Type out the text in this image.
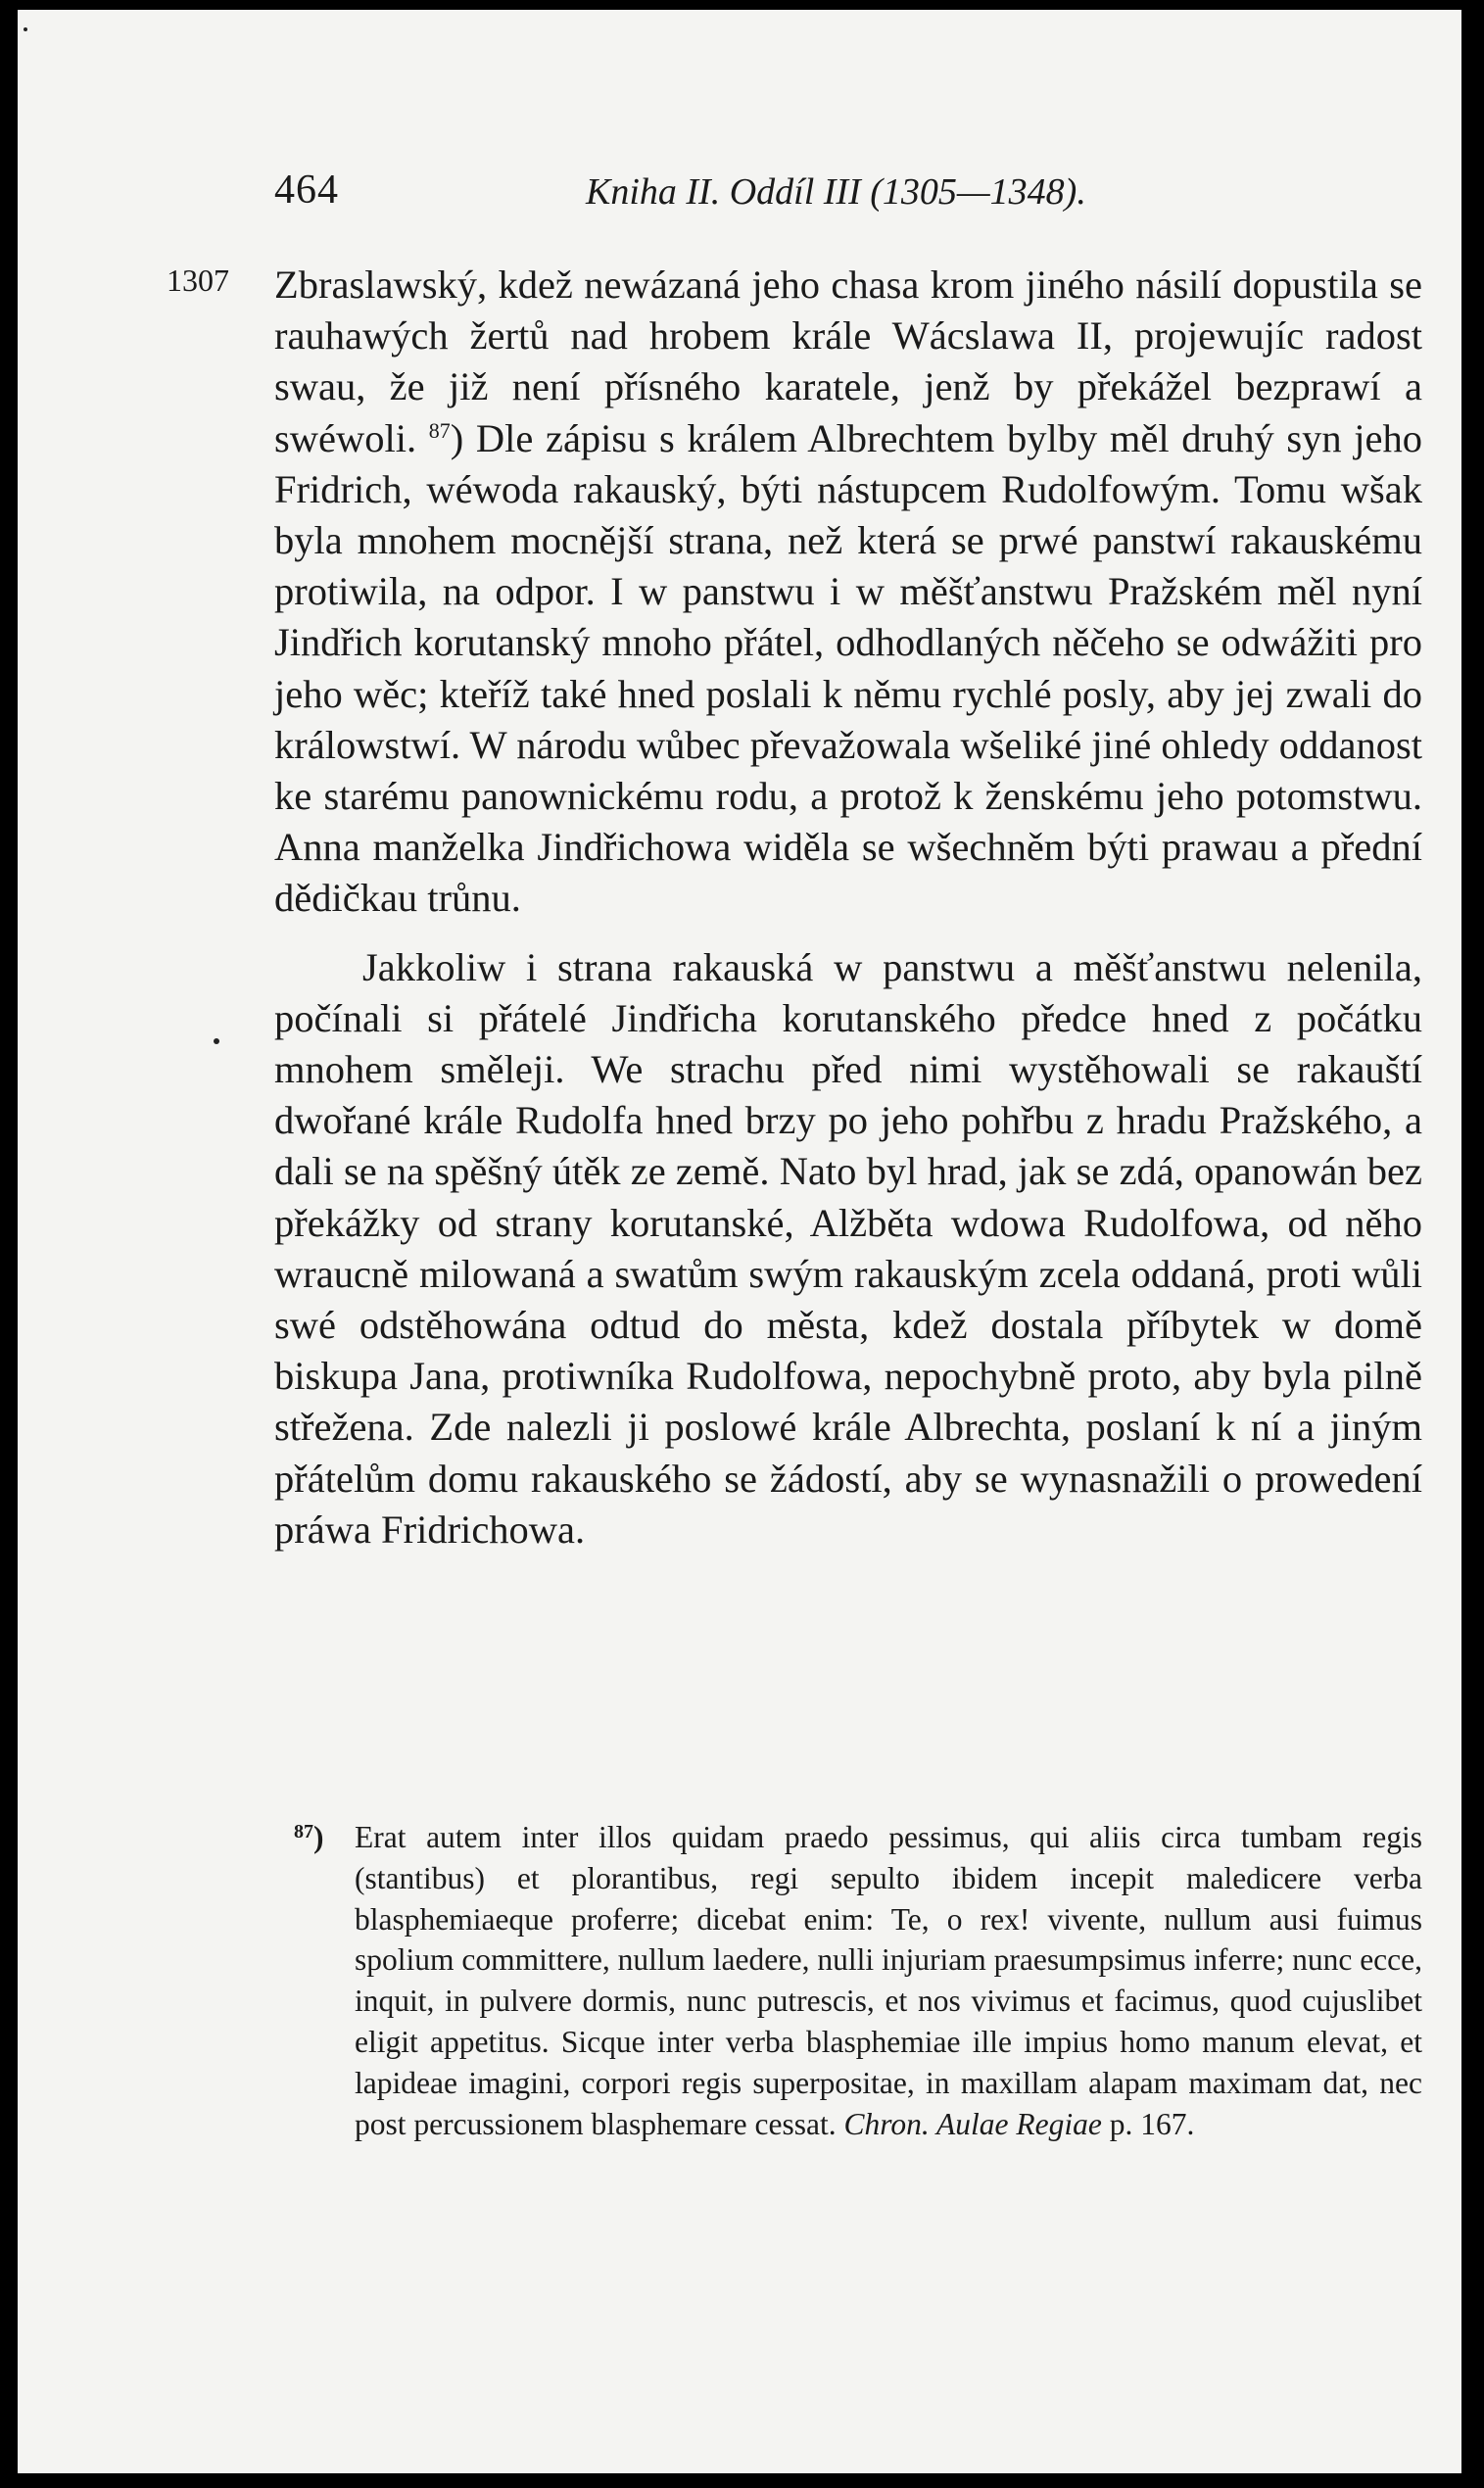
464	Kniha II. Oddíl III (1305—1348).
1307 Zbraslawský, kdež newázaná jeho chasa krom jiného násilí dopustila se rauhawých žertů nad hrobem krále Wácslawa II, projewujíc radost swau, že již není přísného karatele, jenž by překážel bezprawí a swéwoli. $^{87}$) Dle zápisu s králem Albrechtem bylby měl druhý syn jeho Fridrich, wéwoda rakauský, býti nástupcem Rudolfowým. Tomu wšak byla mnohem mocnější strana, než která se prwé panstwí rakauskému protiwila, na odpor. I w panstwu i w měšťanstwu Pražském měl nyní Jindřich korutanský mnoho přátel, odhodlaných něčeho se odwážiti pro jeho wěc; kteříž také hned poslali k němu rychlé posly, aby jej zwali do králowstwí. W národu wůbec převažowala wšeliké jiné ohledy oddanost ke starému panownickému rodu, a protož k ženskému jeho potomstwu. Anna manželka Jindřichowa widěla se wšechněm býti prawau a přední dědičkau trůnu.

Jakkoliw i strana rakauská w panstwu a měšťanstwu nelenila, počínali si přátelé Jindřicha korutanského předce hned z počátku mnohem směleji. We strachu před nimi wystěhowali se rakauští dwořané krále Rudolfa hned brzy po jeho pohřbu z hradu Pražského, a dali se na spěšný útěk ze země. Nato byl hrad, jak se zdá, opanowán bez překážky od strany korutanské, Alžběta wdowa Rudolfowa, od něho wraucně milowaná a swatům swým rakauským zcela oddaná, proti wůli swé odstěhowána odtud do města, kdež dostala příbytek w domě biskupa Jana, protiwníka Rudolfowa, nepochybně proto, aby byla pilně střežena. Zde nalezli ji poslowé krále Albrechta, poslaní k ní a jiným přátelům domu rakauského se žádostí, aby se wynasnažili o prowedení práwa Fridrichowa.

$^{87}$) Erat autem inter illos quidam praedo pessimus, qui aliis circa tumbam regis (stantibus) et plorantibus, regi sepulto ibidem incepit maledicere verba blasphemiaeque proferre; dicebat enim: Te, o rex! vivente, nullum ausi fuimus spolium committere, nullum laedere, nulli injuriam praesumpsimus inferre; nunc ecce, inquit, in pulvere dormis, nunc putrescis, et nos vivimus et facimus, quod cujuslibet eligit appetitus. Sicque inter verba blasphemiae ille impius homo manum elevat, et lapideae imagini, corpori regis superpositae, in maxillam alapam maximam dat, nec post percussionem blasphemare cessat. Chron. Aulae Regiae p. 167.
